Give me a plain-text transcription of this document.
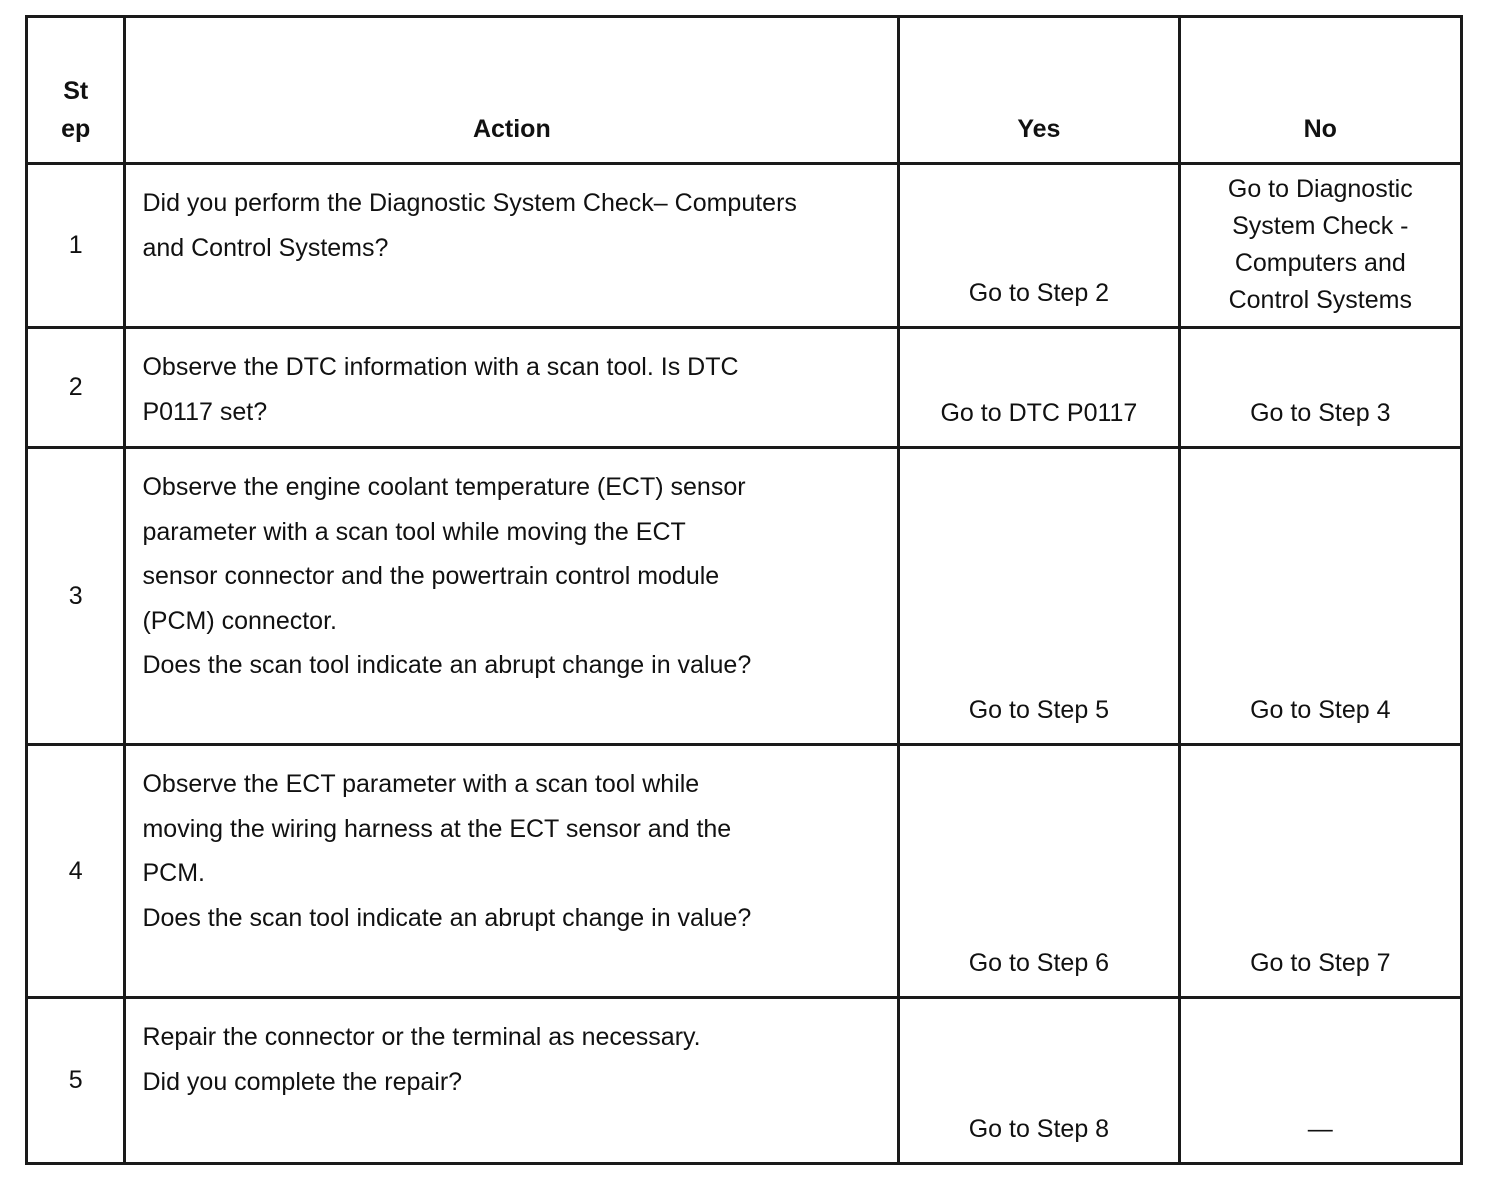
St
ep	Action	Yes	No
1	Did you perform the Diagnostic System Check– Computers
and Control Systems?	Go to Step 2	Go to Diagnostic
System Check -
Computers and
Control Systems

2	Observe the DTC information with a scan tool. Is DTC
P0117 set?	Go to DTC P0117	Go to Step 3
3	Observe the engine coolant temperature (ECT) sensor
parameter with a scan tool while moving the ECT
sensor connector and the powertrain control module
(PCM) connector.
Does the scan tool indicate an abrupt change in value?	Go to Step 5	Go to Step 4
4	Observe the ECT parameter with a scan tool while
moving the wiring harness at the ECT sensor and the
PCM.
Does the scan tool indicate an abrupt change in value?	Go to Step 6	Go to Step 7
5	Repair the connector or the terminal as necessary.
Did you complete the repair?	Go to Step 8	—
